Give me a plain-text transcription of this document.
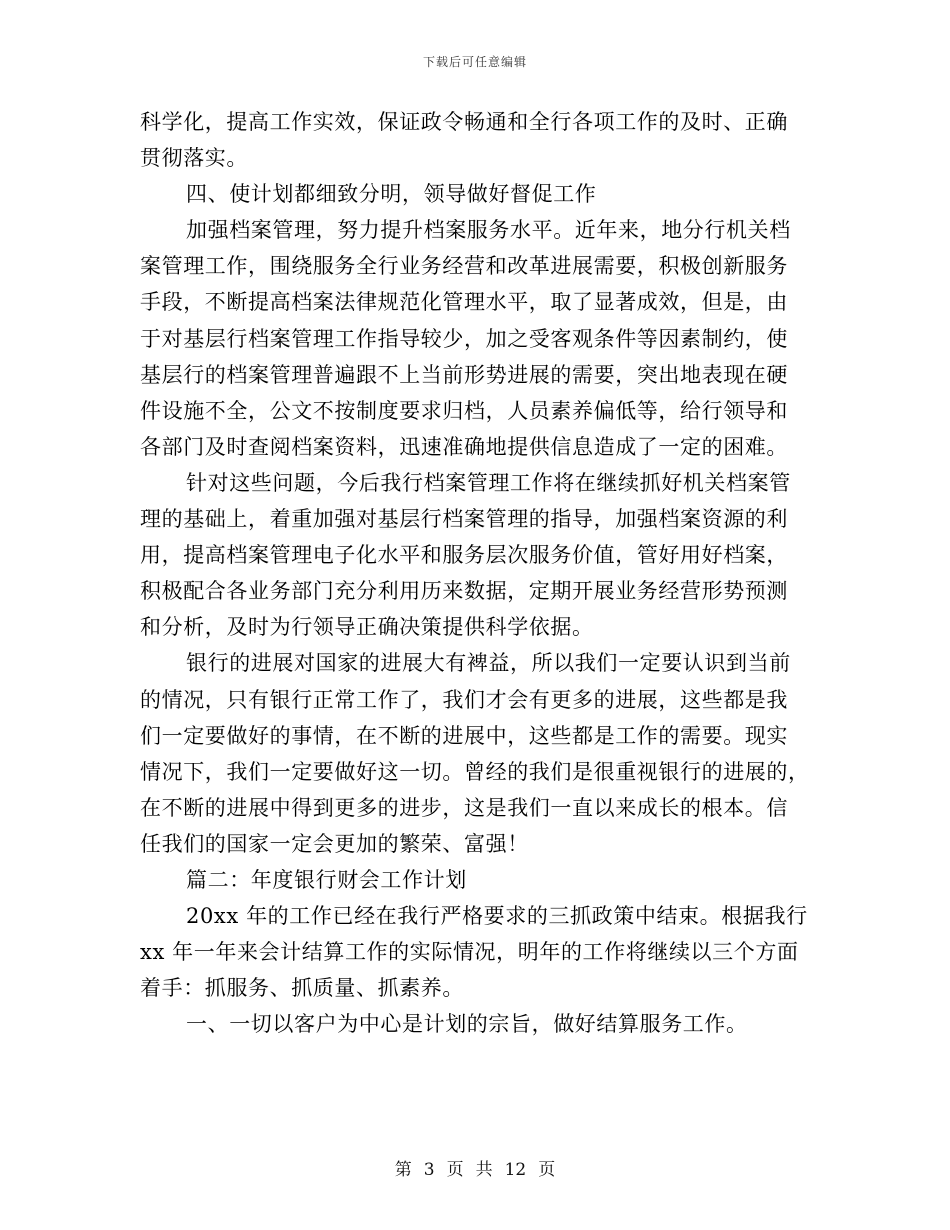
下载后可任意编辑
科学化，提高工作实效，保证政令畅通和全行各项工作的及时、正确
贯彻落实。
四、使计划都细致分明，领导做好督促工作
加强档案管理，努力提升档案服务水平。近年来，地分行机关档
案管理工作，围绕服务全行业务经营和改革进展需要，积极创新服务
手段，不断提高档案法律规范化管理水平，取了显著成效，但是，由
于对基层行档案管理工作指导较少，加之受客观条件等因素制约，使
基层行的档案管理普遍跟不上当前形势进展的需要，突出地表现在硬
件设施不全，公文不按制度要求归档，人员素养偏低等，给行领导和
各部门及时查阅档案资料，迅速准确地提供信息造成了一定的困难。
针对这些问题，今后我行档案管理工作将在继续抓好机关档案管
理的基础上，着重加强对基层行档案管理的指导，加强档案资源的利
用，提高档案管理电子化水平和服务层次服务价值，管好用好档案，
积极配合各业务部门充分利用历来数据，定期开展业务经营形势预测
和分析，及时为行领导正确决策提供科学依据。
银行的进展对国家的进展大有裨益，所以我们一定要认识到当前
的情况，只有银行正常工作了，我们才会有更多的进展，这些都是我
们一定要做好的事情，在不断的进展中，这些都是工作的需要。现实
情况下，我们一定要做好这一切。曾经的我们是很重视银行的进展的，
在不断的进展中得到更多的进步，这是我们一直以来成长的根本。信
任我们的国家一定会更加的繁荣、富强！
篇二：年度银行财会工作计划
20xx 年的工作已经在我行严格要求的三抓政策中结束。根据我行
xx 年一年来会计结算工作的实际情况，明年的工作将继续以三个方面
着手：抓服务、抓质量、抓素养。
一、一切以客户为中心是计划的宗旨，做好结算服务工作。
第 3 页 共 12 页
